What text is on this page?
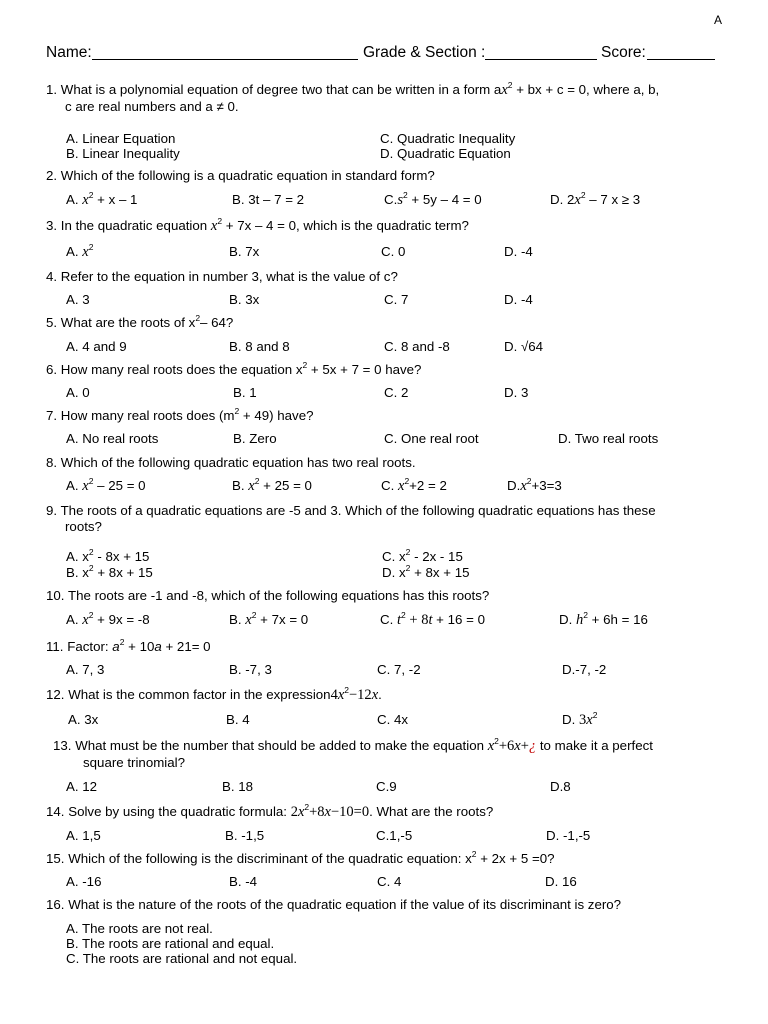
A
Name:	Grade & Section :	Score:
1. What is a polynomial equation of degree two that can be written in a form $ax^2$ + bx + c = 0, where a, b,
c are real numbers and a ≠ 0.
A. Linear Equation
B. Linear Inequality
C. Quadratic Inequality
D. Quadratic Equation
2. Which of the following is a quadratic equation in standard form?
A. $x^2 + x - 1$	B. 3t – 7 = 2	$C.s^2 + 5y - 4 = 0$	D. $2x^2 - 7$ x ≥ 3
3. In the quadratic equation $x^2 + 7x - 4 = 0$, which is the quadratic term?
A. $x^2$	B. 7x	C. 0	D. -4
4. Refer to the equation in number 3, what is the value of c?
A. 3	B. 3x	C. 7	D. -4
5. What are the roots of $x^2-$ 64?
A. 4 and 9	B. 8 and 8	C. 8 and -8	D. √64
6. How many real roots does the equation $x^2 + 5x + 7 = 0$ have?
A. 0	B. 1	C. 2	D. 3
7. How many real roots does $(m^2 + 49)$ have?
A. No real roots	B. Zero	C. One real root	D. Two real roots
8. Which of the following quadratic equation has two real roots.
A. $x^2 - 25 = 0$	B. $x^2 + 25 = 0$	C. $x^2+2 = 2$	$D.x^2+3=3$
9. The roots of a quadratic equations are -5 and 3. Which of the following quadratic equations has these
roots?
A. $x^2 - 8x + 15$
B. $x^2 + 8x + 15$
C. $x^2 - 2x - 15$
D. $x^2 + 8x + 15$
10. The roots are -1 and -8, which of the following equations has this roots?
A. $x^2 + 9x = -8$	B. $x^2 + 7x = 0$	C. $t^2 + 8t + 16 = 0$	D. $h^2 + 6h = 16$
11. Factor: $a^2 + 10a + 21= 0$
A. 7, 3	B. -7, 3	C. 7, -2	D.-7, -2
12. What is the common factor in the $expression4x^2-12x$.
A. 3x	B. 4	C. 4x	D. $3x^2$
13. What must be the number that should be added to make the equation $x^2+6x+¿$ to make it a perfect
square trinomial?
A. 12	B. 18	C.9	D.8
14. Solve by using the quadratic formula: $2x^2+8x-10=0$. What are the roots?
A. 1,5	B. -1,5	C.1,-5	D. -1,-5
15. Which of the following is the discriminant of the quadratic equation: $x^2 + 2x + 5 =0$?
A. -16	B. -4	C. 4	D. 16
16. What is the nature of the roots of the quadratic equation if the value of its discriminant is zero?
A. The roots are not real.
B. The roots are rational and equal.
C. The roots are rational and not equal.
